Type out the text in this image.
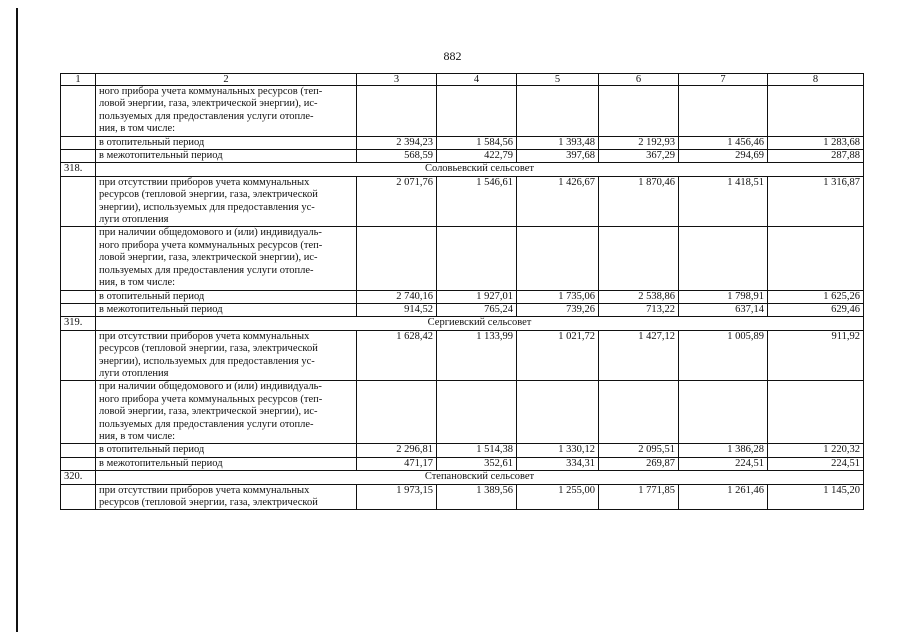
882
1	2	3	4	5	6	7	8

	ного прибора учета коммунальных ресурсов (теп-
ловой энергии, газа, электрической энергии), ис-
пользуемых для предоставления услуги отопле-
ния, в том числе:						

	в отопительный период	2 394,23	1 584,56	1 393,48	2 192,93	1 456,46	1 283,68
	в межотопительный период	568,59	422,79	397,68	367,29	294,69	287,88
318.	Соловьевский сельсовет						

	при отсутствии приборов учета коммунальных
ресурсов (тепловой энергии, газа, электрической
энергии), используемых для предоставления ус-
луги отопления	2 071,76	1 546,61	1 426,67	1 870,46	1 418,51	1 316,87

	при наличии общедомового и (или) индивидуаль-
ного прибора учета коммунальных ресурсов (теп-
ловой энергии, газа, электрической энергии), ис-
пользуемых для предоставления услуги отопле-
ния, в том числе:						

	в отопительный период	2 740,16	1 927,01	1 735,06	2 538,86	1 798,91	1 625,26
	в межотопительный период	914,52	765,24	739,26	713,22	637,14	629,46
319.	Сергиевский сельсовет						

	при отсутствии приборов учета коммунальных
ресурсов (тепловой энергии, газа, электрической
энергии), используемых для предоставления ус-
луги отопления	1 628,42	1 133,99	1 021,72	1 427,12	1 005,89	911,92

	при наличии общедомового и (или) индивидуаль-
ного прибора учета коммунальных ресурсов (теп-
ловой энергии, газа, электрической энергии), ис-
пользуемых для предоставления услуги отопле-
ния, в том числе:						

	в отопительный период	2 296,81	1 514,38	1 330,12	2 095,51	1 386,28	1 220,32
	в межотопительный период	471,17	352,61	334,31	269,87	224,51	224,51
320.	Степановский сельсовет						

	при отсутствии приборов учета коммунальных
ресурсов (тепловой энергии, газа, электрической	1 973,15	1 389,56	1 255,00	1 771,85	1 261,46	1 145,20
